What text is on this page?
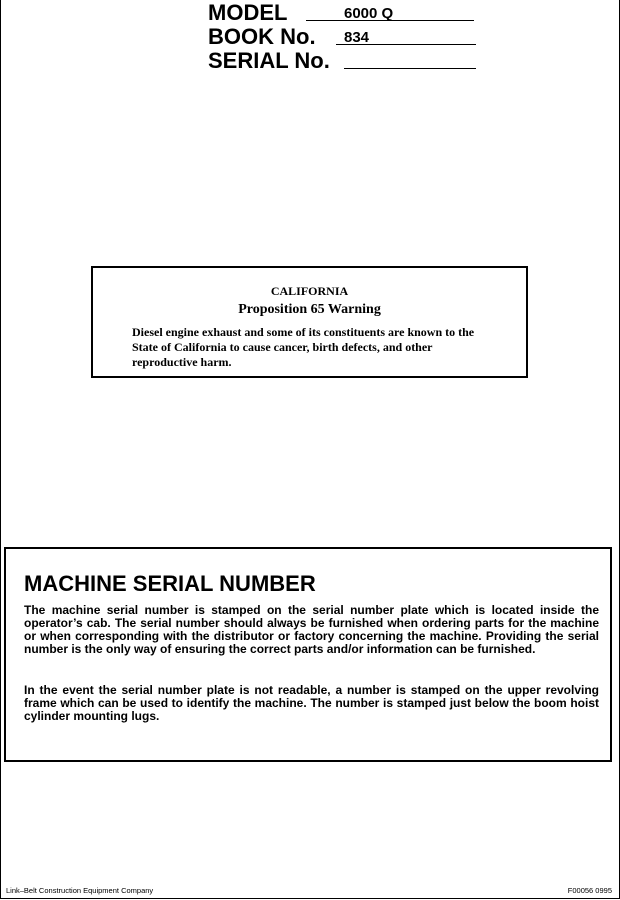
MODEL	6000 Q
BOOK No. 834
SERIAL No.
CALIFORNIA
Proposition 65 Warning
Diesel engine exhaust and some of its constituents are known to the State of California to cause cancer, birth defects, and other reproductive harm.
MACHINE SERIAL NUMBER
The machine serial number is stamped on the serial number plate which is located inside the operator’s cab. The serial number should always be furnished when ordering parts for the machine or when corresponding with the distributor or factory concerning the machine. Providing the serial number is the only way of ensuring the correct parts and/or information can be furnished.
In the event the serial number plate is not readable, a number is stamped on the upper revolving frame which can be used to identify the machine. The number is stamped just below the boom hoist cylinder mounting lugs.
Link–Belt Construction Equipment Company	F00056 0995
